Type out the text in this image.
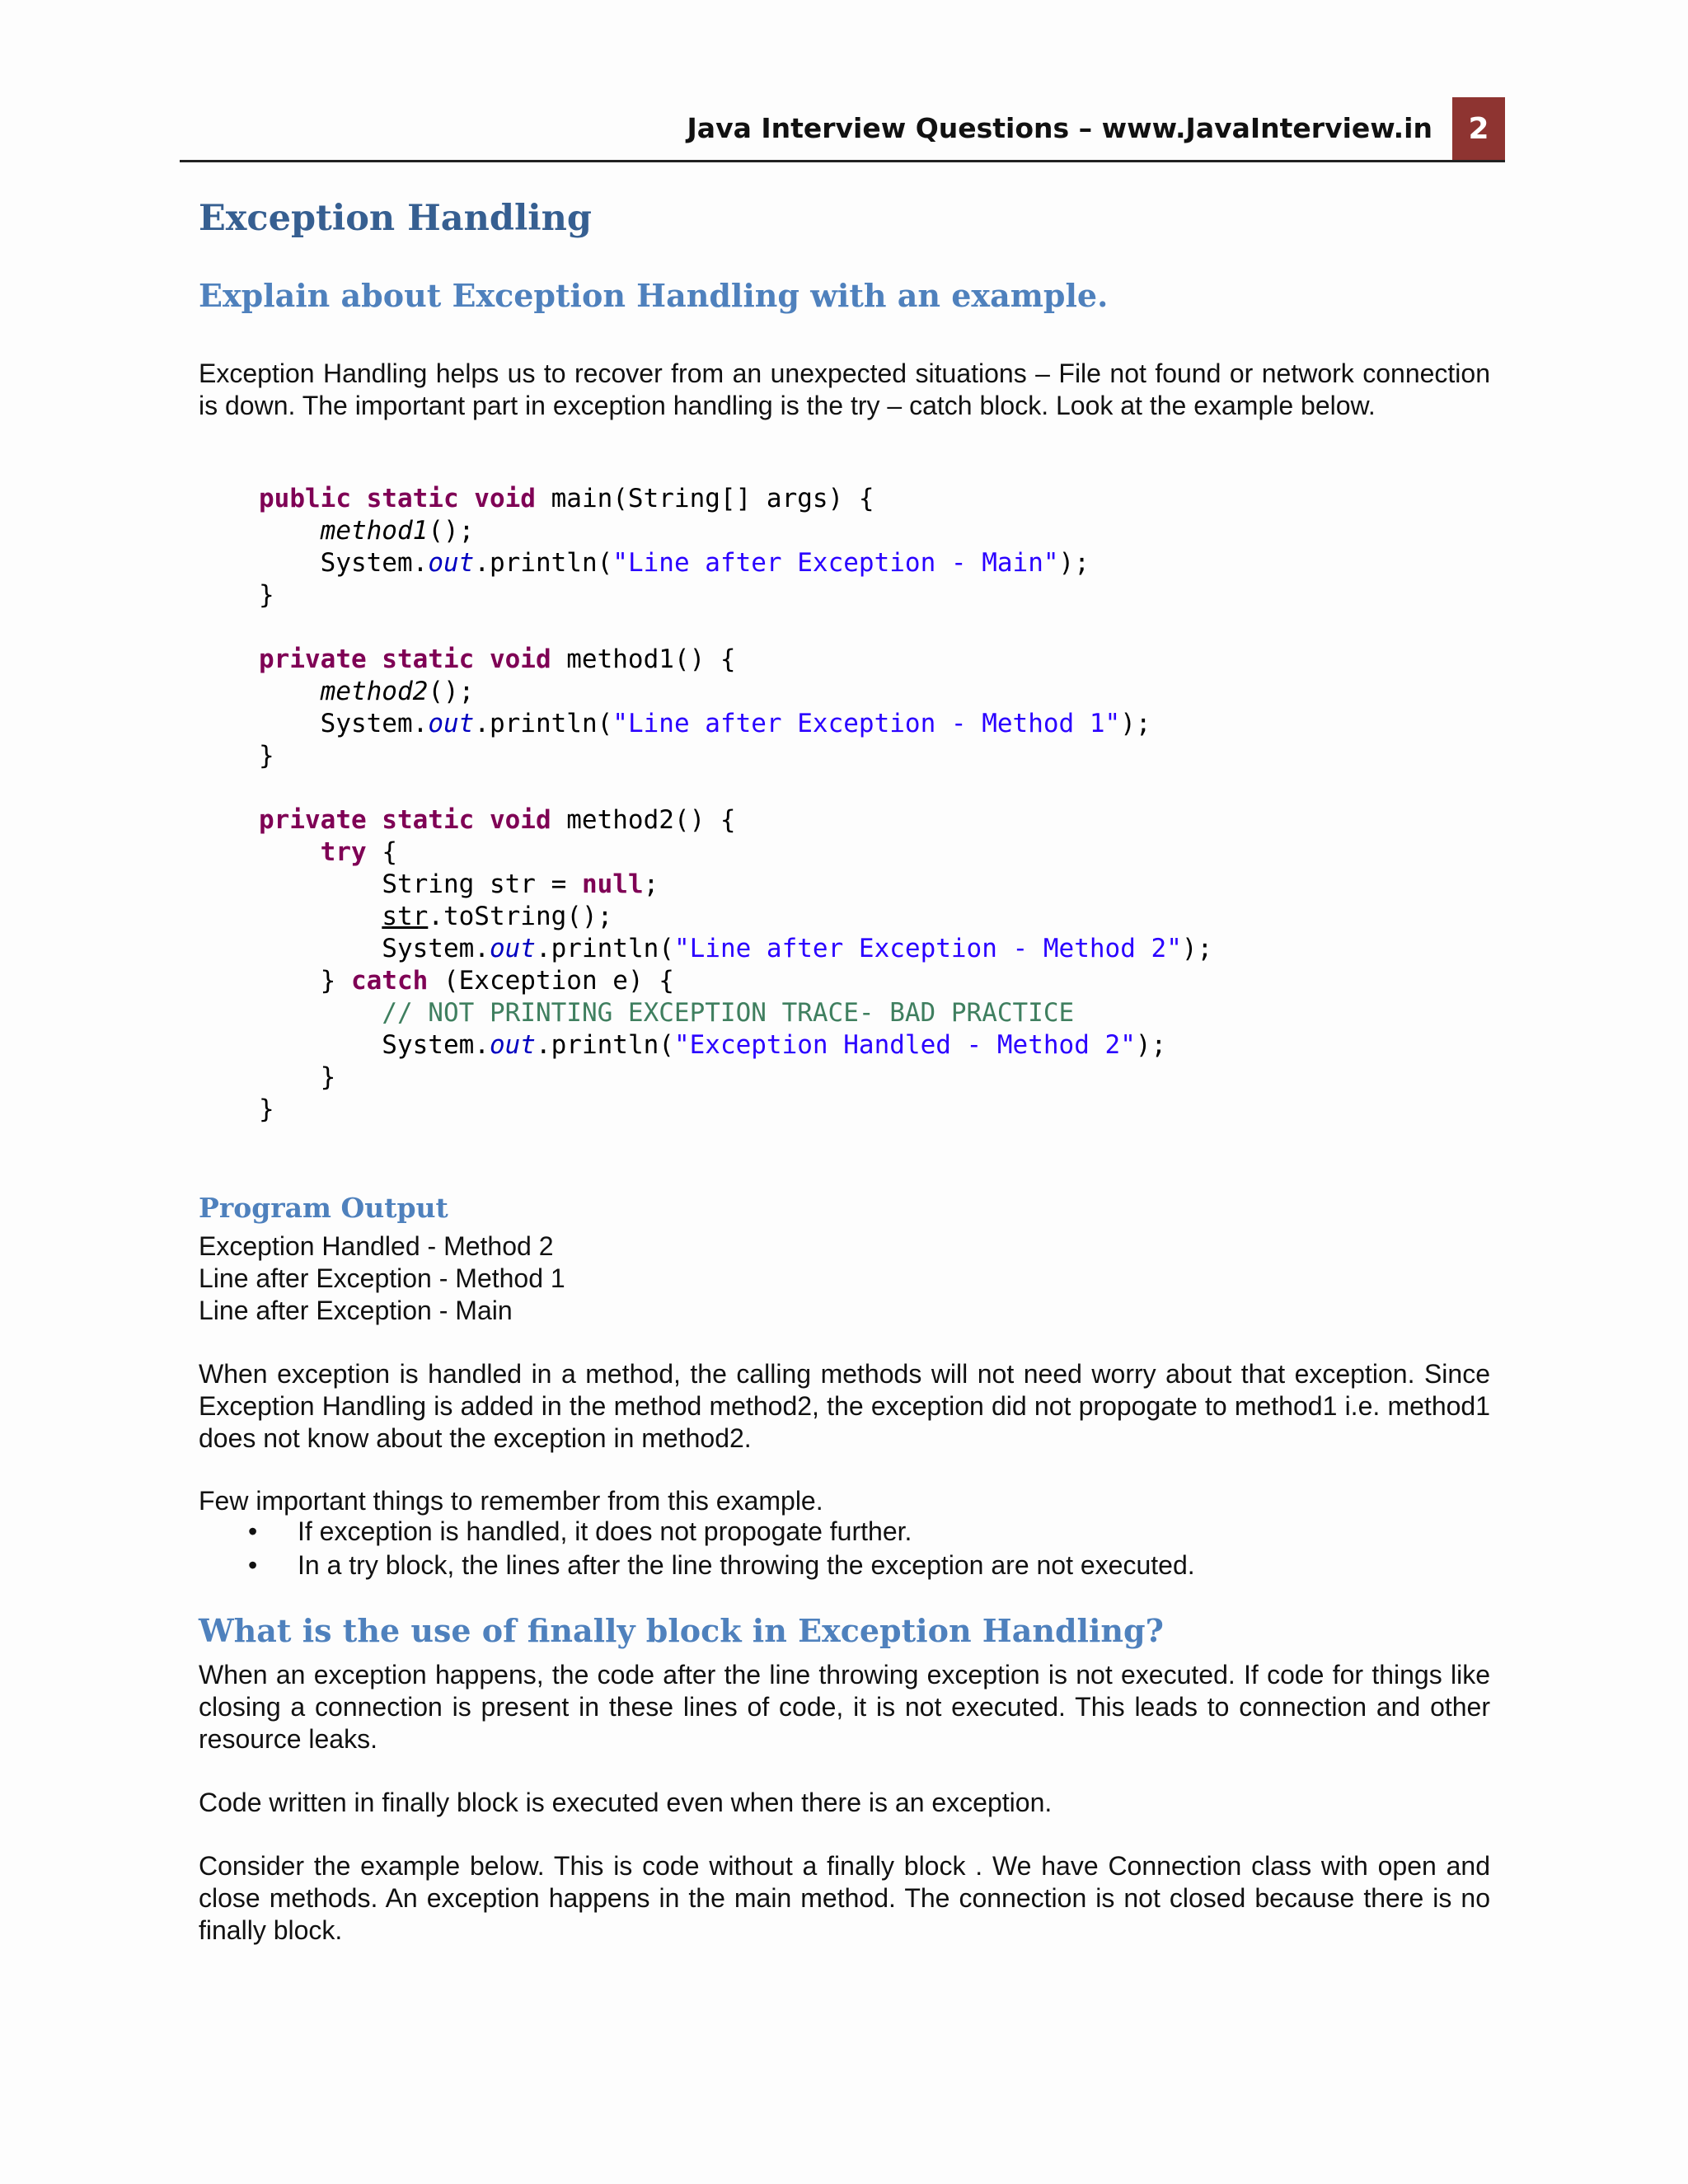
Java Interview Questions – www.JavaInterview.in	2
Exception Handling
Explain about Exception Handling with an example.

Exception Handling helps us to recover from an unexpected situations – File not found or network connection is down. The important part in exception handling is the try – catch block. Look at the example below.

public static void main(String[] args) {
method1();
System.out.println("Line after Exception - Main");
}

private static void method1() {
method2();
System.out.println("Line after Exception - Method 1");
}

private static void method2() {
try {
String str = null;
str.toString();
System.out.println("Line after Exception - Method 2");
} catch (Exception e) {
// NOT PRINTING EXCEPTION TRACE- BAD PRACTICE
System.out.println("Exception Handled - Method 2");
}
}
Program Output
Exception Handled - Method 2
Line after Exception - Method 1
Line after Exception - Main

When exception is handled in a method, the calling methods will not need worry about that exception. Since Exception Handling is added in the method method2, the exception did not propogate to method1 i.e. method1 does not know about the exception in method2.

Few important things to remember from this example.
• If exception is handled, it does not propogate further.
• In a try block, the lines after the line throwing the exception are not executed.
What is the use of finally block in Exception Handling?

When an exception happens, the code after the line throwing exception is not executed. If code for things like closing a connection is present in these lines of code, it is not executed. This leads to connection and other resource leaks.

Code written in finally block is executed even when there is an exception.

Consider the example below. This is code without a finally block . We have Connection class with open and close methods. An exception happens in the main method. The connection is not closed because there is no finally block.
